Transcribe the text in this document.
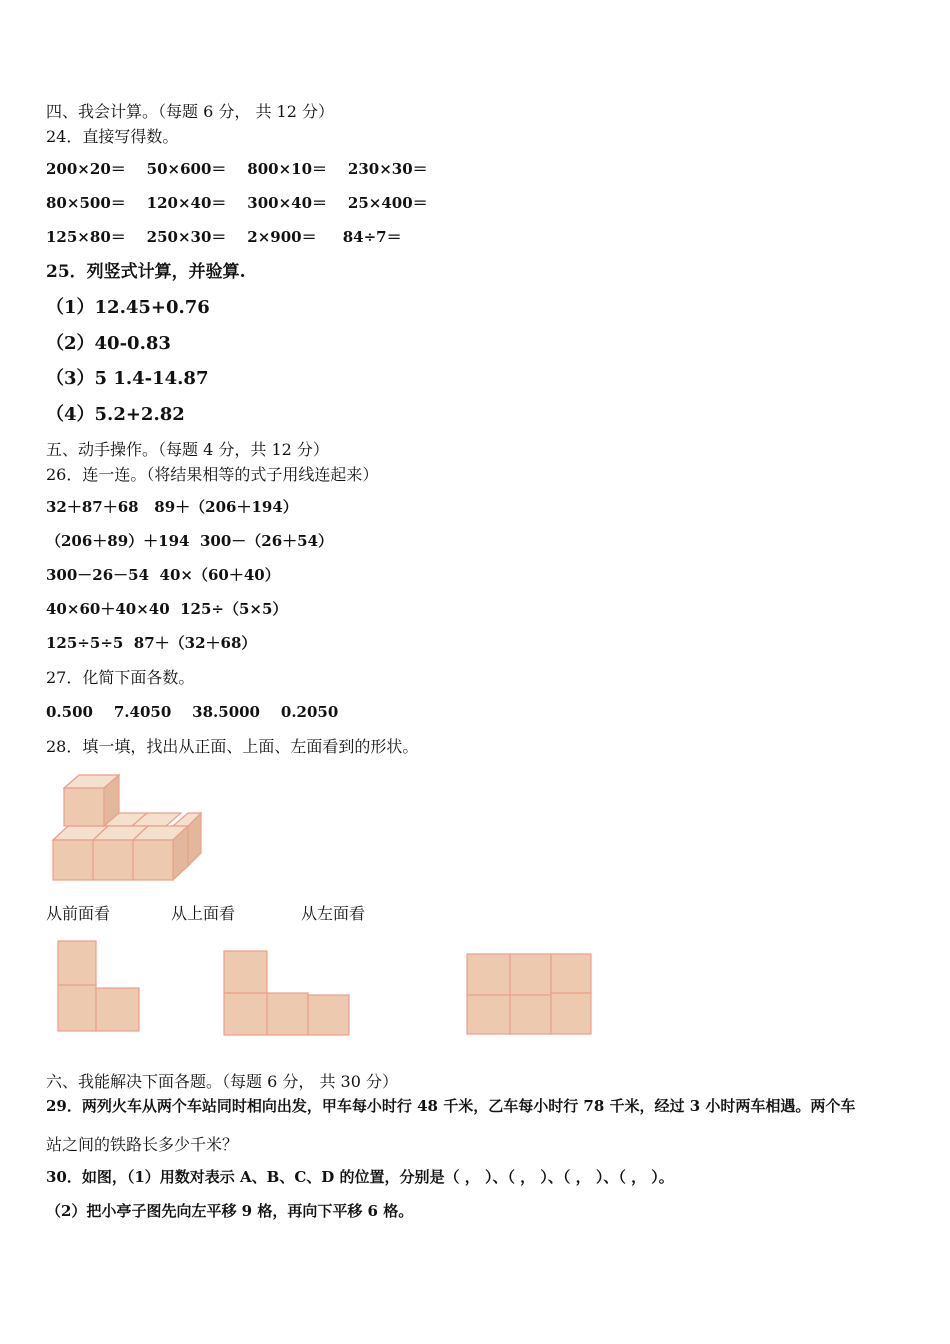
四、我会计算。（每题 6 分， 共 12 分）
24．直接写得数。
200×20＝    50×600＝    800×10＝    230×30＝
80×500＝    120×40＝    300×40＝    25×400＝
125×80＝    250×30＝    2×900＝     84÷7＝
25．列竖式计算，并验算.
（1）12.45+0.76
（2）40-0.83
（3）5 1.4-14.87
（4）5.2+2.82
五、动手操作。（每题 4 分，共 12 分）
26．连一连。（将结果相等的式子用线连起来）
32＋87＋68   89＋（206＋194）
（206＋89）＋194  300－（26＋54）
300－26－54  40×（60＋40）
40×60＋40×40  125÷（5×5）
125÷5÷5  87＋（32＋68）
27．化简下面各数。
0.500    7.4050    38.5000    0.2050
28．填一填，找出从正面、上面、左面看到的形状。
从前面看	从上面看	从左面看
六、我能解决下面各题。（每题 6 分， 共 30 分）
29．两列火车从两个车站同时相向出发，甲车每小时行 48 千米，乙车每小时行 78 千米，经过 3 小时两车相遇。两个车
站之间的铁路长多少千米？
30．如图，（1）用数对表示 A、B、C、D 的位置，分别是（ ， ）、（ ， ）、（ ， ）、（ ， ）。
（2）把小亭子图先向左平移 9 格，再向下平移 6 格。
